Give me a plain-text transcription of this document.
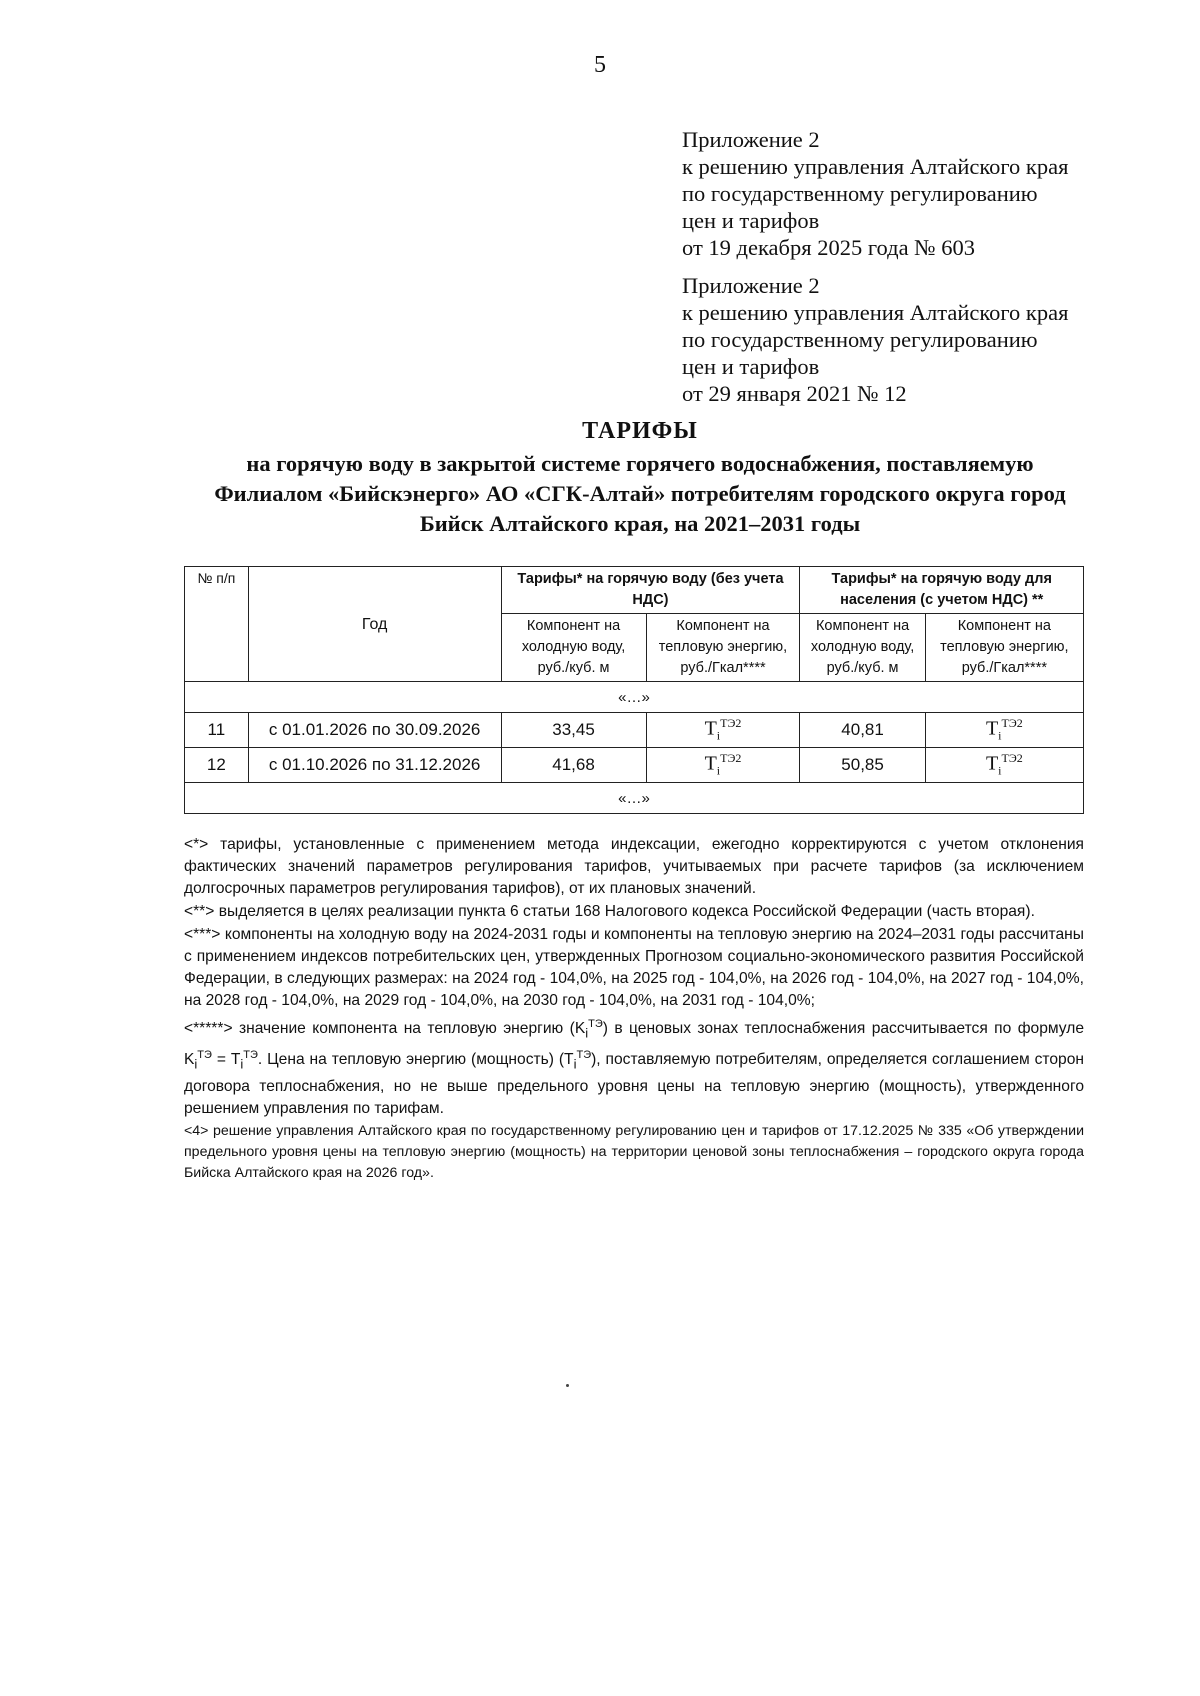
5
Приложение 2
к решению управления Алтайского края
по государственному регулированию
цен и тарифов
от 19 декабря 2025 года № 603
Приложение 2
к решению управления Алтайского края
по государственному регулированию
цен и тарифов
от 29 января 2021 № 12
ТАРИФЫ
на горячую воду в закрытой системе горячего водоснабжения, поставляемую
Филиалом «Бийскэнерго» АО «СГК-Алтай» потребителям городского округа город
Бийск Алтайского края, на 2021–2031 годы
№ п/п	Год	Тарифы* на горячую воду (без учета НДС)		Тарифы* на горячую воду для населения (с учетом НДС) **	
		Компонент на холодную воду, руб./куб. м	Компонент на тепловую энергию, руб./Гкал****	Компонент на холодную воду, руб./куб. м	Компонент на тепловую энергию, руб./Гкал****
«…»					
11	с 01.01.2026 по 30.09.2026	33,45	$T_i^{ТЭ2}$	40,81	$T_i^{ТЭ2}$
12	с 01.10.2026 по 31.12.2026	41,68	$T_i^{ТЭ2}$	50,85	$T_i^{ТЭ2}$
«…»					

<*> тарифы, установленные с применением метода индексации, ежегодно корректируются с учетом отклонения фактических значений параметров регулирования тарифов, учитываемых при расчете тарифов (за исключением долгосрочных параметров регулирования тарифов), от их плановых значений.

<**> выделяется в целях реализации пункта 6 статьи 168 Налогового кодекса Российской Федерации (часть вторая).

<***> компоненты на холодную воду на 2024-2031 годы и компоненты на тепловую энергию на 2024–2031 годы рассчитаны с применением индексов потребительских цен, утвержденных Прогнозом социально-экономического развития Российской Федерации, в следующих размерах: на 2024 год - 104,0%, на 2025 год - 104,0%, на 2026 год - 104,0%, на 2027 год - 104,0%, на 2028 год - 104,0%, на 2029 год - 104,0%, на 2030 год - 104,0%, на 2031 год - 104,0%;

<*****> значение компонента на тепловую энергию $(K_i^{ТЭ})$ в ценовых зонах теплоснабжения рассчитывается по формуле $K_i^{ТЭ} = T_i^{ТЭ}$. Цена на тепловую энергию (мощность) $(T_i^{ТЭ})$, поставляемую потребителям, определяется соглашением сторон договора теплоснабжения, но не выше предельного уровня цены на тепловую энергию (мощность), утвержденного решением управления по тарифам.

<4> решение управления Алтайского края по государственному регулированию цен и тарифов от 17.12.2025 № 335 «Об утверждении предельного уровня цены на тепловую энергию (мощность) на территории ценовой зоны теплоснабжения – городского округа города Бийска Алтайского края на 2026 год».
